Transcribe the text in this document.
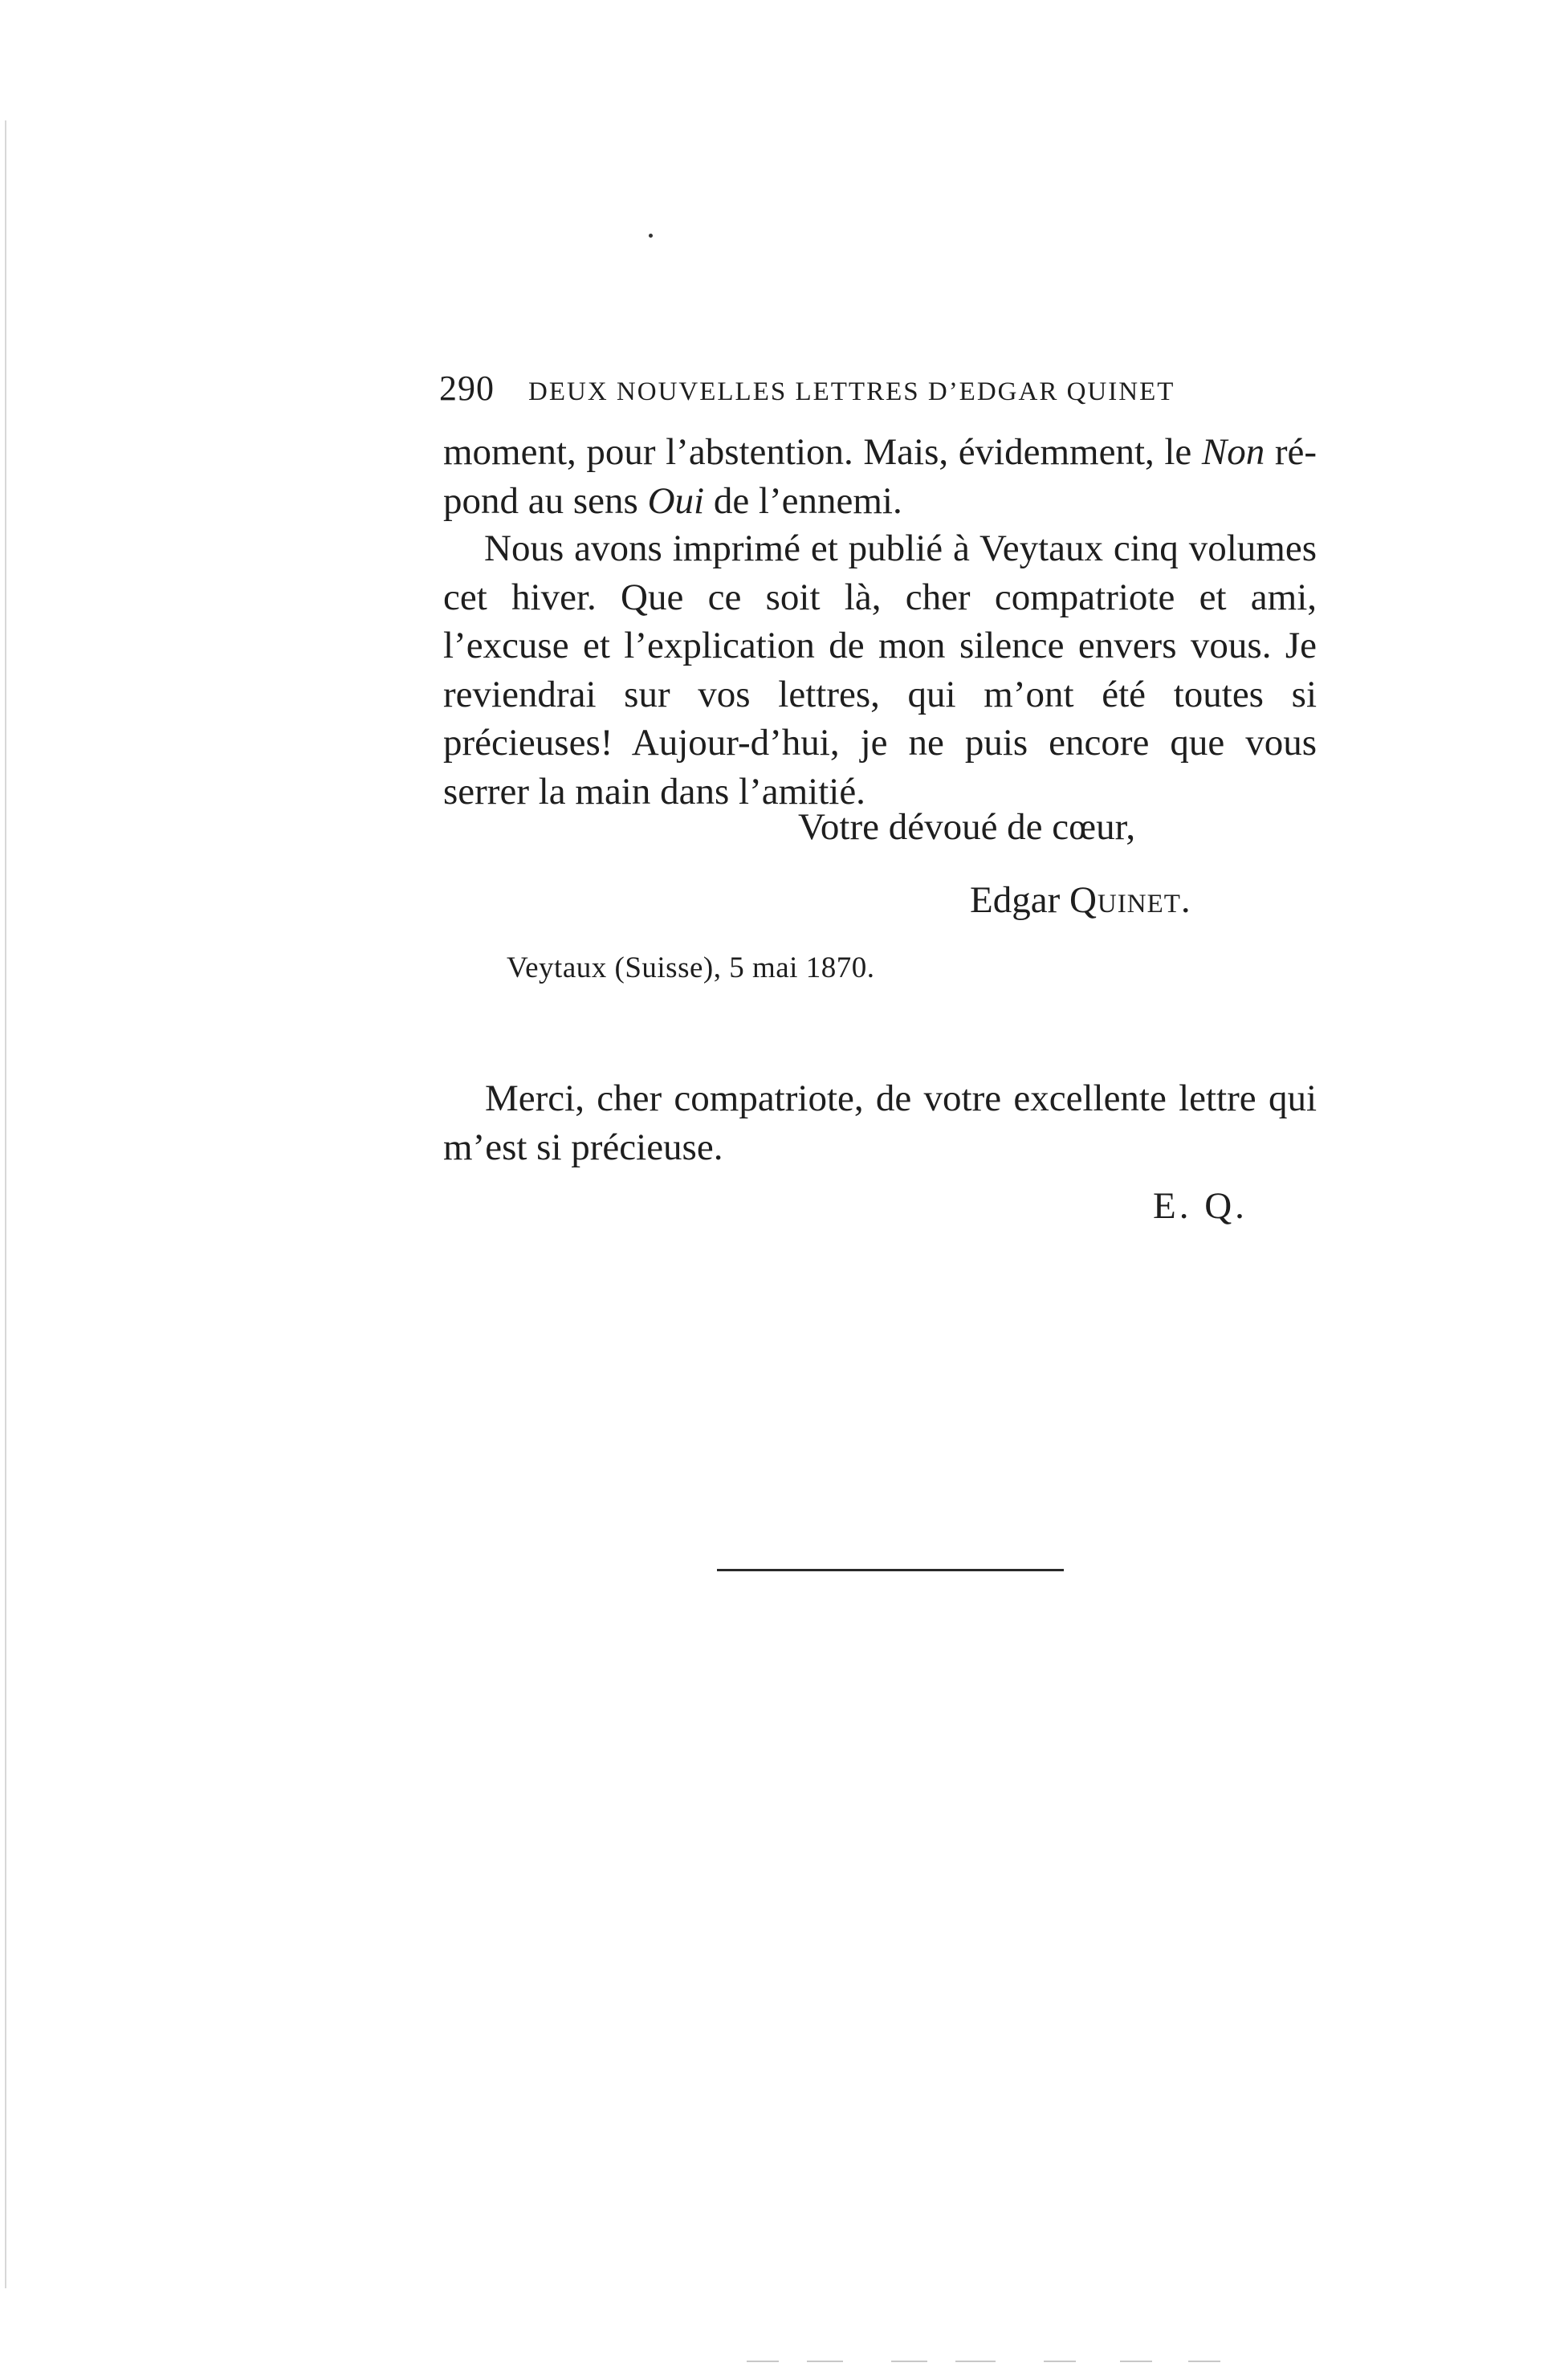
290 DEUX NOUVELLES LETTRES D’EDGAR QUINET
moment, pour l’abstention. Mais, évidemment, le Non ré- pond au sens Oui de l’ennemi.
Nous avons imprimé et publié à Veytaux cinq volumes cet hiver. Que ce soit là, cher compatriote et ami, l’excuse et l’explication de mon silence envers vous. Je reviendrai sur vos lettres, qui m’ont été toutes si précieuses! Aujour-d’hui, je ne puis encore que vous serrer la main dans l’amitié.
Votre dévoué de cœur,
Edgar Quinet.
Veytaux (Suisse), 5 mai 1870.
Merci, cher compatriote, de votre excellente lettre qui m’est si précieuse.
E. Q.
